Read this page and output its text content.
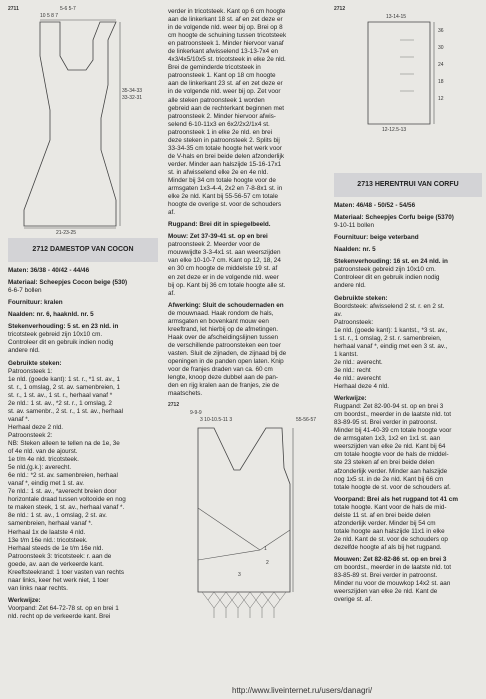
2711	5-6 5-7
10 5 8 7
21-23-25
35-34-33
33-32-31
2712 DAMESTOP VAN COCON

Maten: 36/38 - 40/42 - 44/46

Materiaal: Scheepjes Cocon beige (530)

6-6-7 bollen

Fournituur: kralen

Naalden: nr. 6, haaknld. nr. 5

Stekenverhouding: 5 st. en 23 nld. in

tricotsteek gebreid zijn 10x10 cm.

Controleer dit en gebruik indien nodig

andere nld.

Gebruikte steken:

Patroonsteek 1:

1e nld. (goede kant): 1 st. r., *1 st. av., 1

st. r., 1 omslag, 2 st. av. samenbreien, 1

st. r., 1 st. av., 1 st. r., herhaal vanaf *

2e nld.: 1 st. av., *2 st. r., 1 omslag, 2

st. av. samenbr., 2 st. r., 1 st. av., herhaal

vanaf *.

Herhaal deze 2 nld.

Patroonsteek 2:

NB: Steken alleen te tellen na de 1e, 3e

of 4e nld. van de ajourst.

1e t/m 4e nld. tricotsteek.

5e nld.(g.k.): averecht.

6e nld.: *2 st. av. samenbreien, herhaal

vanaf *, eindig met 1 st. av.

7e nld.: 1 st. av., *averecht breien door

horizontale draad tussen voltooide en nog

te maken steek, 1 st. av., herhaal vanaf *.

8e nld.: 1 st. av., 1 omslag, 2 st. av.

samenbreien, herhaal vanaf *.

Herhaal 1x de laatste 4 nld.

13e t/m 16e nld.: tricotsteek.

Herhaal steeds de 1e t/m 16e nld.

Patroonsteek 3: tricotsteek: r. aan de

goede, av. aan de verkeerde kant.

Kreeftsteekrand: 1 toer vasten van rechts

naar links, keer het werk niet, 1 toer

van links naar rechts.

Werkwijze:

Voorpand: Zet 64-72-78 st. op en brei 1

nld. recht op de verkeerde kant. Brei

verder in tricotsteek. Kant op 6 cm hoogte

aan de linkerkant 18 st. af en zet deze er

in de volgende nld. weer bij op. Brei op 8

cm hoogte de schuining tussen tricotsteek

en patroonsteek 1. Minder hiervoor vanaf

de linkerkant afwisselend 13-13-7x4 en

4x3/4x5/10x5 st. tricotsteek in elke 2e nld.

Brei de geminderde tricotsteek in

patroonsteek 1. Kant op 18 cm hoogte

aan de linkerkant 23 st. af en zet deze er

in de volgende nld. weer bij op. Zet voor

alle steken patroonsteek 1 worden

gebreid aan de rechterkant beginnen met

patroonsteek 2. Minder hiervoor afwis-

selend 6-10-11x3 en 6x2/2x2/1x4 st.

patroonsteek 1 in elke 2e nld. en brei

deze steken in patroonsteek 2. Splits bij

33-34-35 cm totale hoogte het werk voor

de V-hals en brei beide delen afzonderlijk

verder. Minder aan halszijde 15-16-17x1

st. in afwisselend elke 2e en 4e nld.

Minder bij 34 cm totale hoogte voor de

armsgaten 1x3-4-4, 2x2 en 7-8-8x1 st. in

elke 2e nld. Kant bij 55-56-57 cm totale

hoogte de overige st. voor de schouders

af.

Rugpand: Brei dit in spiegelbeeld.

Mouw: Zet 37-39-41 st. op en brei

patroonsteek 2. Meerder voor de

mouwwijdte 3-3-4x1 st. aan weerszijden

van elke 10-10-7 cm. Kant op 12, 18, 24

en 30 cm hoogte de middelste 19 st. af

en zet deze er in de volgende nld. weer

bij op. Kant bij 36 cm totale hoogte alle st.

af.

Afwerking: Sluit de schoudernaden en

de mouwnaad. Haak rondom de hals,

armsgaten en bovenkant mouw een

kreeftrand, let hierbij op de afmetingen.

Haak over de afscheidingslijnen tussen

de verschillende patroonsteken een toer

vasten. Sluit de zijnaden, de zijnaad bij de

openingen in de panden open laten. Knip

voor de franjes draden van ca. 60 cm

lengte, knoop deze dubbel aan de pan-

den en rijg kralen aan de franjes, zie de

maatschets.

2712
9-9-9
3 10-10.5-11 3	55-56-57
1
2
3
2712
13-14-15
36
30
24
18
12
12-12.5-13
2713 HERENTRUI VAN CORFU

Maten: 46/48 - 50/52 - 54/56

Materiaal: Scheepjes Corfu beige (5370)

9-10-11 bollen

Fournituur: beige veterband

Naalden: nr. 5

Stekenverhouding: 16 st. en 24 nld. in

patroonsteek gebreid zijn 10x10 cm.

Controleer dit en gebruik indien nodig

andere nld.

Gebruikte steken:

Boordsteek: afwisselend 2 st. r. en 2 st.

av.

Patroonsteek:

1e nld. (goede kant): 1 kantst., *3 st. av.,

1 st. r., 1 omslag, 2 st. r. samenbreien,

herhaal vanaf *, eindig met een 3 st. av.,

1 kantst.

2e nld.: averecht.

3e nld.: recht

4e nld.: averecht

Herhaal deze 4 nld.

Werkwijze:

Rugpand: Zet 82-90-94 st. op en brei 3

cm boordst., meerder in de laatste nld. tot

83-89-95 st. Brei verder in patroonst.

Minder bij 41-40-39 cm totale hoogte voor

de armsgaten 1x3, 1x2 en 1x1 st. aan

weerszijden van elke 2e nld. Kant bij 64

cm totale hoogte voor de hals de middel-

ste 23 steken af en brei beide delen

afzonderlijk verder. Minder aan halszijde

nog 1x5 st. in de 2e nld. Kant bij 66 cm

totale hoogte de st. voor de schouders af.

Voorpand: Brei als het rugpand tot 41 cm

totale hoogte. Kant voor de hals de mid-

delste 11 st. af en brei beide delen

afzonderlijk verder. Minder bij 54 cm

totale hoogte aan halszijde 11x1 in elke

2e nld. Kant de st. voor de schouders op

dezelfde hoogte af als bij het rugpand.

Mouwen: Zet 82-82-86 st. op en brei 3

cm boordst., meerder in de laatste nld. tot

83-85-89 st. Brei verder in patroonst.

Minder nu voor de mouwkop 14x2 st. aan

weerszijden van elke 2e nld. Kant de

overige st. af.

http://www.liveinternet.ru/users/danagri/
